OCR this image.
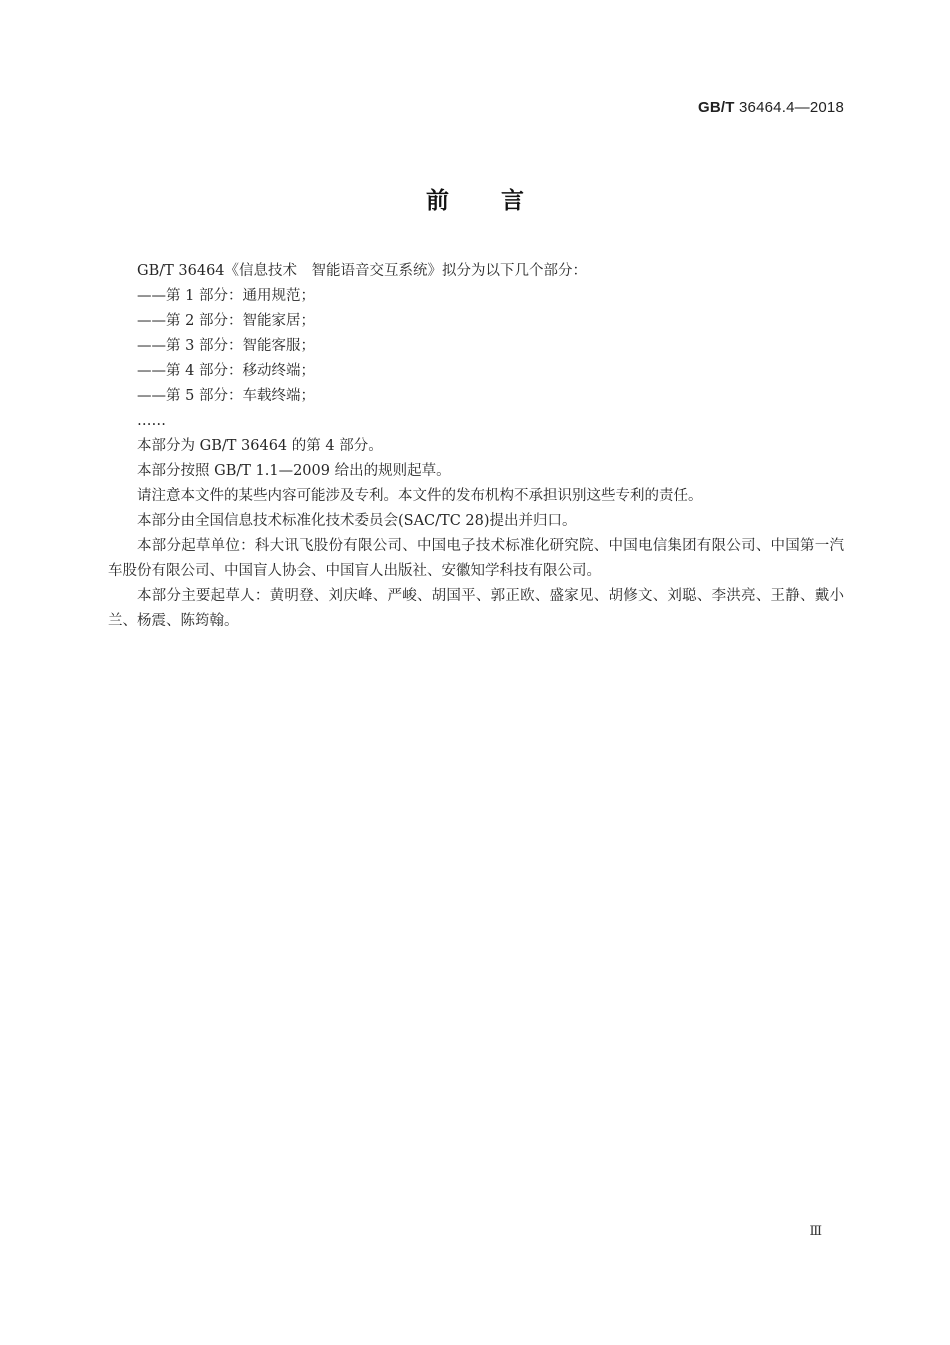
GB/T 36464.4—2018
前言

GB/T 36464《信息技术　智能语音交互系统》拟分为以下几个部分：

——第 1 部分：通用规范；

——第 2 部分：智能家居；

——第 3 部分：智能客服；

——第 4 部分：移动终端；

——第 5 部分：车载终端；

……

本部分为 GB/T 36464 的第 4 部分。

本部分按照 GB/T 1.1—2009 给出的规则起草。

请注意本文件的某些内容可能涉及专利。本文件的发布机构不承担识别这些专利的责任。

本部分由全国信息技术标准化技术委员会(SAC/TC 28)提出并归口。

本部分起草单位：科大讯飞股份有限公司、中国电子技术标准化研究院、中国电信集团有限公司、中国第一汽车股份有限公司、中国盲人协会、中国盲人出版社、安徽知学科技有限公司。

本部分主要起草人：黄明登、刘庆峰、严峻、胡国平、郭正欧、盛家见、胡修文、刘聪、李洪亮、王静、戴小兰、杨震、陈筠翰。

Ⅲ
